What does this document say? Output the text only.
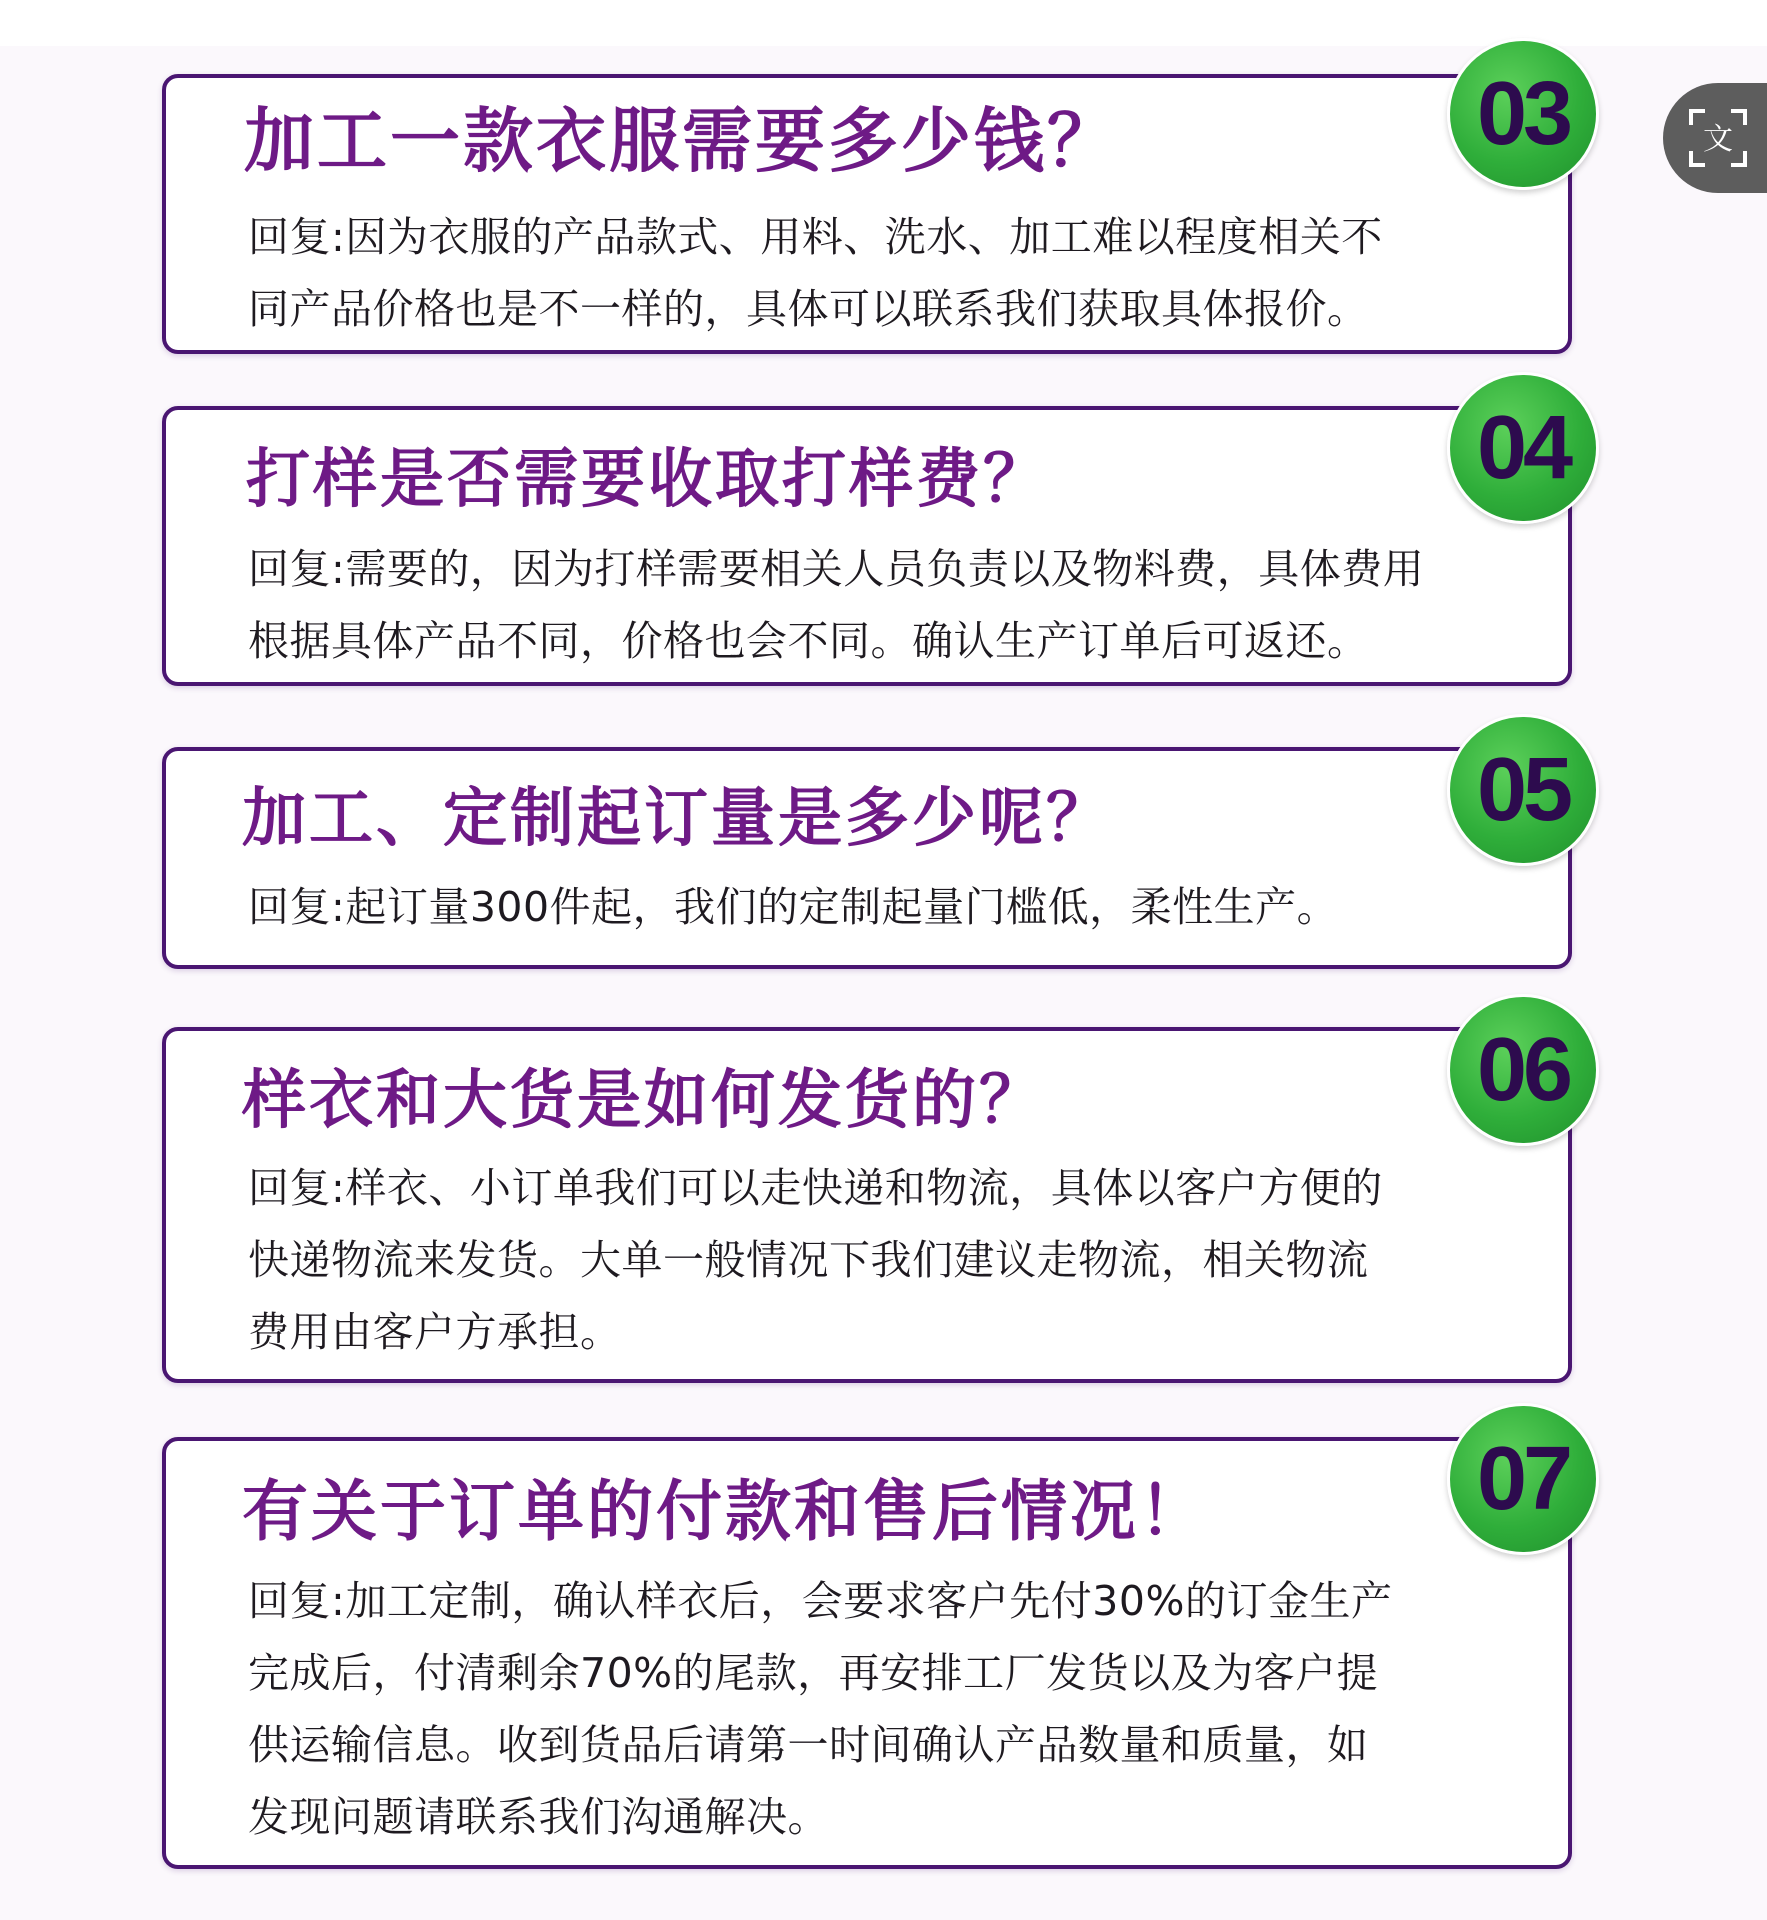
加工一款衣服需要多少钱？

回复:因为衣服的产品款式、用料、洗水、加工难以程度相关不
同产品价格也是不一样的，具体可以联系我们获取具体报价。

03
打样是否需要收取打样费？

回复:需要的，因为打样需要相关人员负责以及物料费，具体费用
根据具体产品不同，价格也会不同。确认生产订单后可返还。

04
加工、定制起订量是多少呢？

回复:起订量300件起，我们的定制起量门槛低，柔性生产。

05
样衣和大货是如何发货的？

回复:样衣、小订单我们可以走快递和物流，具体以客户方便的
快递物流来发货。大单一般情况下我们建议走物流，相关物流
费用由客户方承担。

06
有关于订单的付款和售后情况！

回复:加工定制，确认样衣后，会要求客户先付30%的订金生产
完成后，付清剩余70%的尾款，再安排工厂发货以及为客户提
供运输信息。收到货品后请第一时间确认产品数量和质量，如
发现问题请联系我们沟通解决。

07
文
